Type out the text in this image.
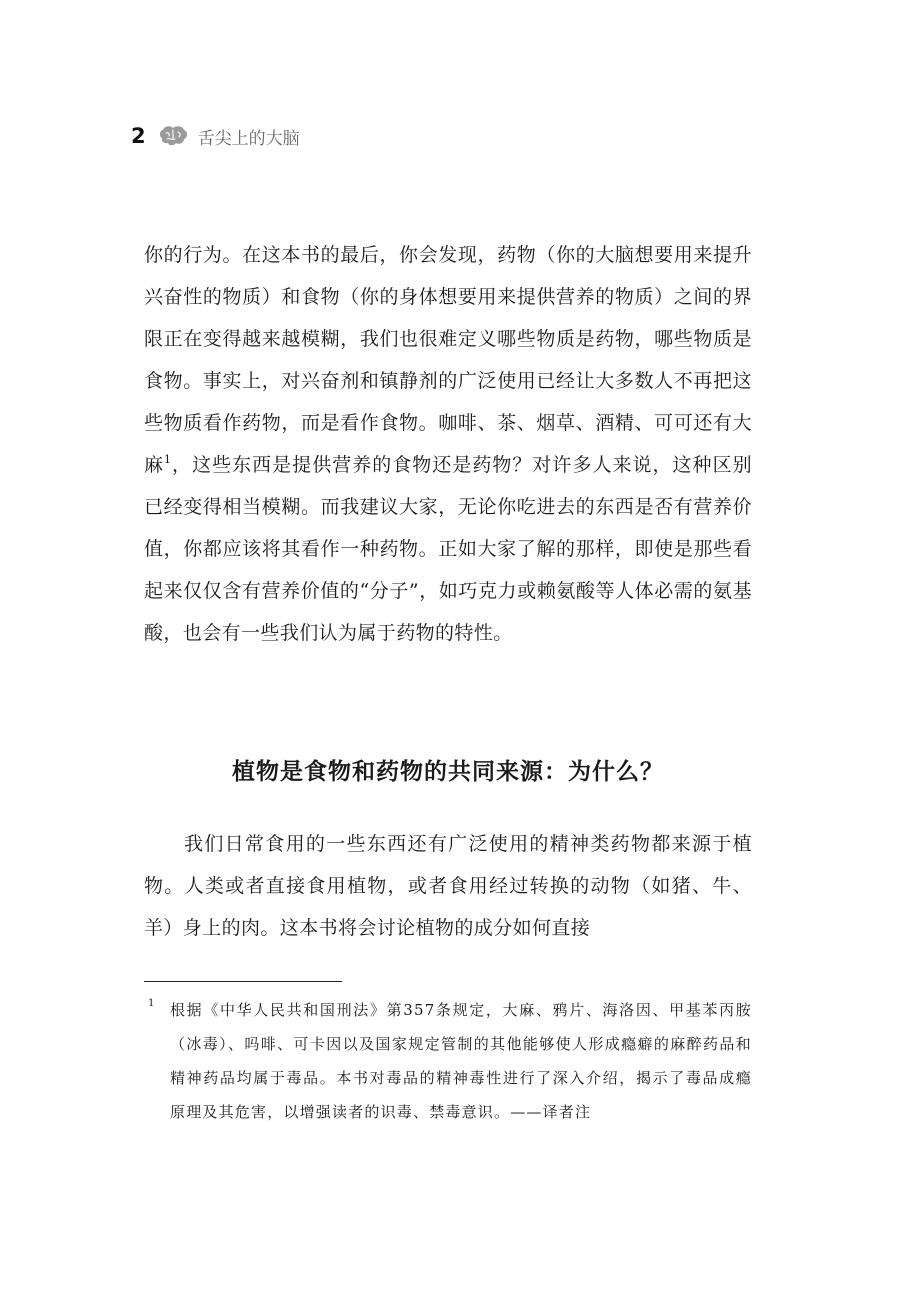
2	舌尖上的大脑
你的行为。在这本书的最后，你会发现，药物（你的大脑想要用来提升兴奋性的物质）和食物（你的身体想要用来提供营养的物质）之间的界限正在变得越来越模糊，我们也很难定义哪些物质是药物，哪些物质是食物。事实上，对兴奋剂和镇静剂的广泛使用已经让大多数人不再把这些物质看作药物，而是看作食物。咖啡、茶、烟草、酒精、可可还有大麻$^1$，这些东西是提供营养的食物还是药物？对许多人来说，这种区别已经变得相当模糊。而我建议大家，无论你吃进去的东西是否有营养价值，你都应该将其看作一种药物。正如大家了解的那样，即使是那些看起来仅仅含有营养价值的“分子”，如巧克力或赖氨酸等人体必需的氨基酸，也会有一些我们认为属于药物的特性。
植物是食物和药物的共同来源：为什么？
我们日常食用的一些东西还有广泛使用的精神类药物都来源于植物。人类或者直接食用植物，或者食用经过转换的动物（如猪、牛、羊）身上的肉。这本书将会讨论植物的成分如何直接
1 根据《中华人民共和国刑法》第357条规定，大麻、鸦片、海洛因、甲基苯丙胺（冰毒）、吗啡、可卡因以及国家规定管制的其他能够使人形成瘾癖的麻醉药品和精神药品均属于毒品。本书对毒品的精神毒性进行了深入介绍，揭示了毒品成瘾原理及其危害，以增强读者的识毒、禁毒意识。——译者注
